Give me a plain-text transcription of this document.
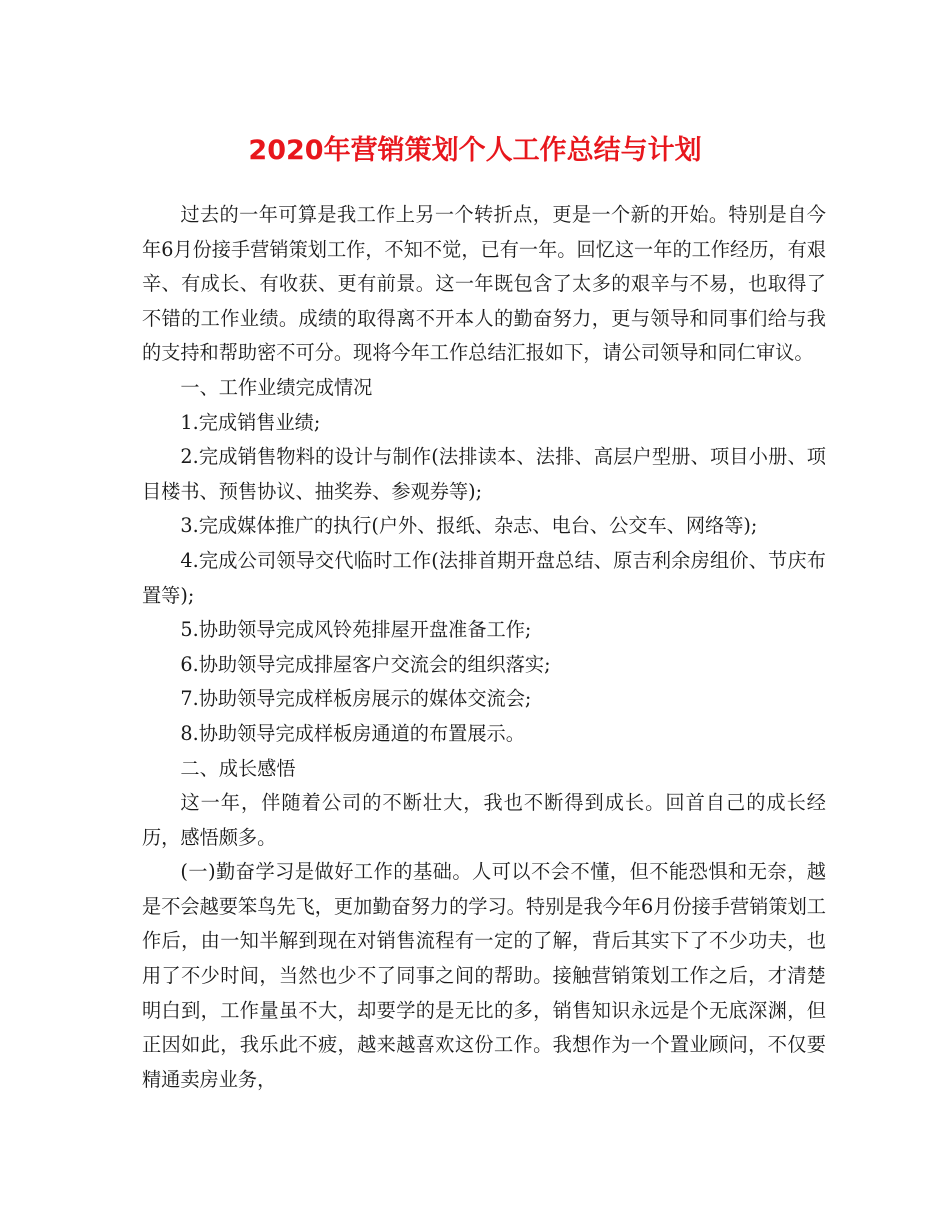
2020年营销策划个人工作总结与计划

过去的一年可算是我工作上另一个转折点，更是一个新的开始。特别是自今年6月份接手营销策划工作，不知不觉，已有一年。回忆这一年的工作经历，有艰辛、有成长、有收获、更有前景。这一年既包含了太多的艰辛与不易，也取得了不错的工作业绩。成绩的取得离不开本人的勤奋努力，更与领导和同事们给与我的支持和帮助密不可分。现将今年工作总结汇报如下，请公司领导和同仁审议。

一、工作业绩完成情况

1.完成销售业绩;

2.完成销售物料的设计与制作(法排读本、法排、高层户型册、项目小册、项目楼书、预售协议、抽奖券、参观券等);

3.完成媒体推广的执行(户外、报纸、杂志、电台、公交车、网络等);

4.完成公司领导交代临时工作(法排首期开盘总结、原吉利余房组价、节庆布置等);

5.协助领导完成风铃苑排屋开盘准备工作;

6.协助领导完成排屋客户交流会的组织落实;

7.协助领导完成样板房展示的媒体交流会;

8.协助领导完成样板房通道的布置展示。

二、成长感悟

这一年，伴随着公司的不断壮大，我也不断得到成长。回首自己的成长经历，感悟颇多。

(一)勤奋学习是做好工作的基础。人可以不会不懂，但不能恐惧和无奈，越是不会越要笨鸟先飞，更加勤奋努力的学习。特别是我今年6月份接手营销策划工作后，由一知半解到现在对销售流程有一定的了解，背后其实下了不少功夫，也用了不少时间，当然也少不了同事之间的帮助。接触营销策划工作之后，才清楚明白到，工作量虽不大，却要学的是无比的多，销售知识永远是个无底深渊，但正因如此，我乐此不疲，越来越喜欢这份工作。我想作为一个置业顾问，不仅要精通卖房业务，
